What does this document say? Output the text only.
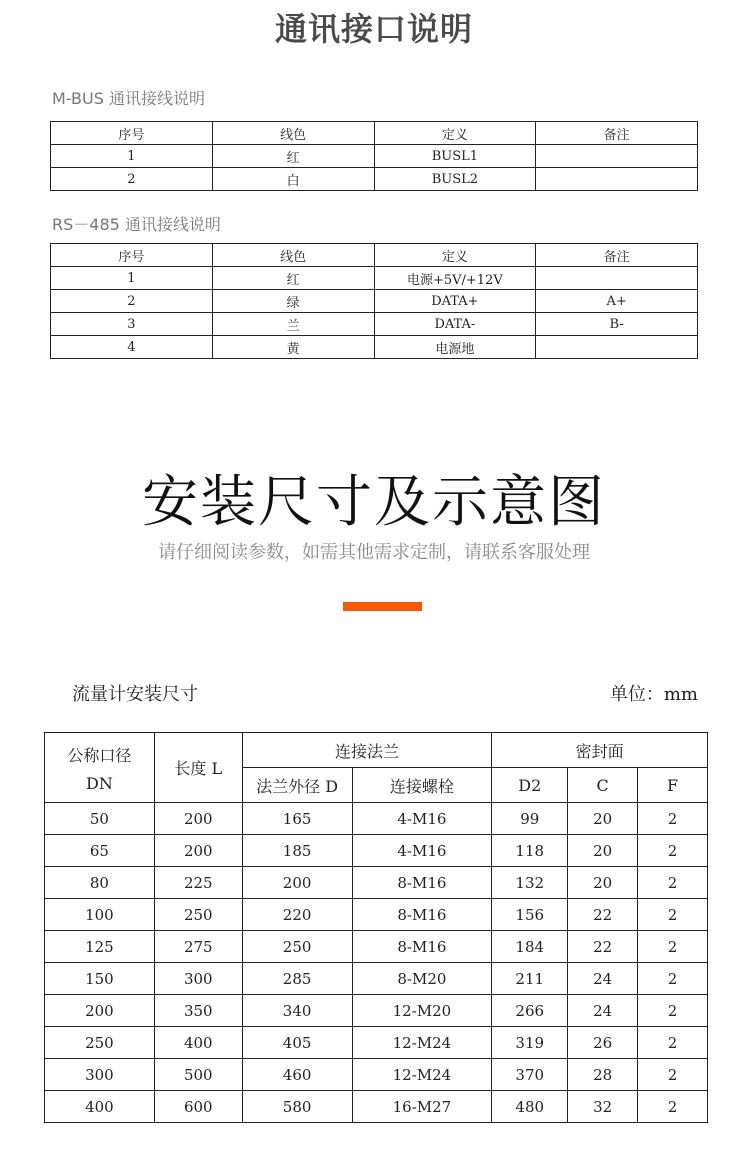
通讯接口说明
M-BUS 通讯接线说明
序号	线色	定义	备注
1	红	BUSL1	
2	白	BUSL2	
RS－485 通讯接线说明
序号	线色	定义	备注
1	红	电源+5V/+12V	
2	绿	DATA+	A+
3	兰	DATA-	B-
4	黄	电源地	
安装尺寸及示意图
请仔细阅读参数，如需其他需求定制，请联系客服处理
流量计安装尺寸	单位：mm
公称口径
DN	长度 L	连接法兰		密封面		
		法兰外径 D	连接螺栓	D2	C	F
50	200	165	4-M16	99	20	2
65	200	185	4-M16	118	20	2
80	225	200	8-M16	132	20	2
100	250	220	8-M16	156	22	2
125	275	250	8-M16	184	22	2
150	300	285	8-M20	211	24	2
200	350	340	12-M20	266	24	2
250	400	405	12-M24	319	26	2
300	500	460	12-M24	370	28	2
400	600	580	16-M27	480	32	2
